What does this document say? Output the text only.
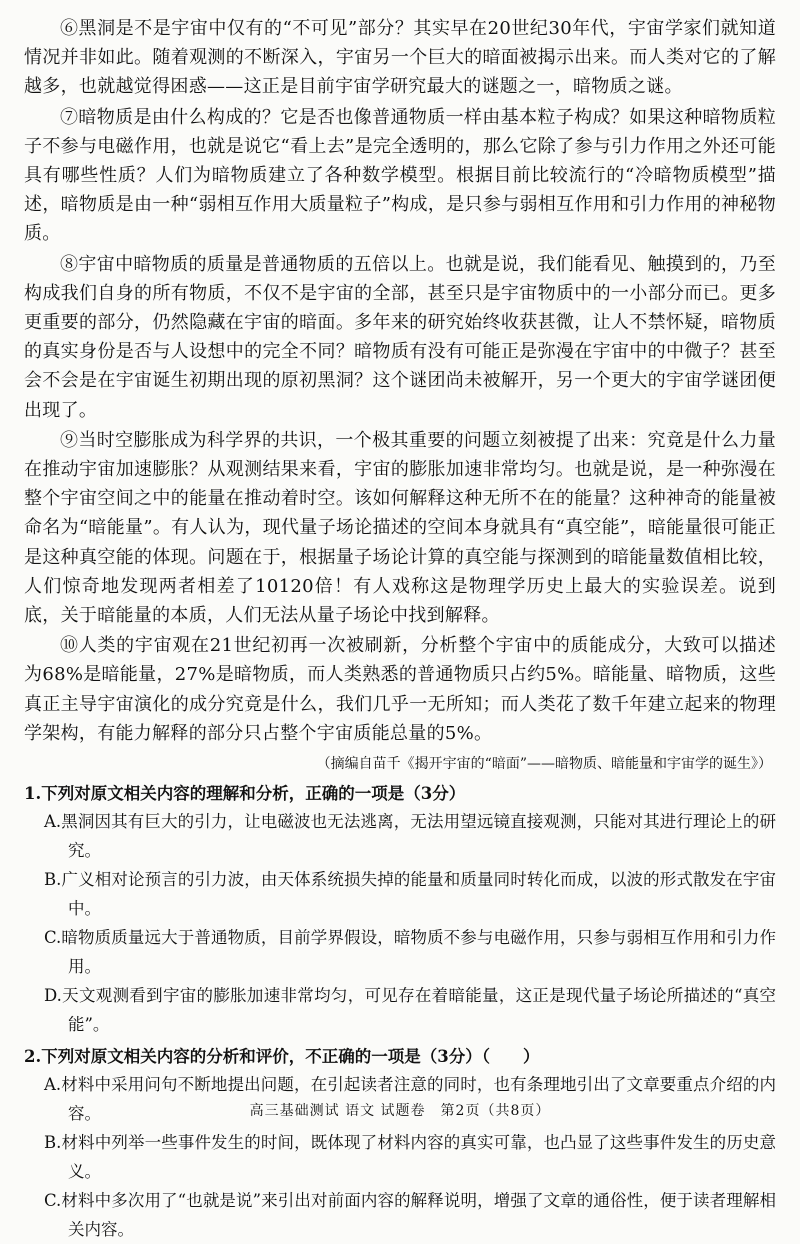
⑥黑洞是不是宇宙中仅有的“不可见”部分？其实早在20世纪30年代，宇宙学家们就知道情况并非如此。随着观测的不断深入，宇宙另一个巨大的暗面被揭示出来。而人类对它的了解越多，也就越觉得困惑——这正是目前宇宙学研究最大的谜题之一，暗物质之谜。

⑦暗物质是由什么构成的？它是否也像普通物质一样由基本粒子构成？如果这种暗物质粒子不参与电磁作用，也就是说它“看上去”是完全透明的，那么它除了参与引力作用之外还可能具有哪些性质？人们为暗物质建立了各种数学模型。根据目前比较流行的“冷暗物质模型”描述，暗物质是由一种“弱相互作用大质量粒子”构成，是只参与弱相互作用和引力作用的神秘物质。

⑧宇宙中暗物质的质量是普通物质的五倍以上。也就是说，我们能看见、触摸到的，乃至构成我们自身的所有物质，不仅不是宇宙的全部，甚至只是宇宙物质中的一小部分而已。更多更重要的部分，仍然隐藏在宇宙的暗面。多年来的研究始终收获甚微，让人不禁怀疑，暗物质的真实身份是否与人设想中的完全不同？暗物质有没有可能正是弥漫在宇宙中的中微子？甚至会不会是在宇宙诞生初期出现的原初黑洞？这个谜团尚未被解开，另一个更大的宇宙学谜团便出现了。

⑨当时空膨胀成为科学界的共识，一个极其重要的问题立刻被提了出来：究竟是什么力量在推动宇宙加速膨胀？从观测结果来看，宇宙的膨胀加速非常均匀。也就是说，是一种弥漫在整个宇宙空间之中的能量在推动着时空。该如何解释这种无所不在的能量？这种神奇的能量被命名为“暗能量”。有人认为，现代量子场论描述的空间本身就具有“真空能”，暗能量很可能正是这种真空能的体现。问题在于，根据量子场论计算的真空能与探测到的暗能量数值相比较，人们惊奇地发现两者相差了10120倍！有人戏称这是物理学历史上最大的实验误差。说到底，关于暗能量的本质，人们无法从量子场论中找到解释。

⑩人类的宇宙观在21世纪初再一次被刷新，分析整个宇宙中的质能成分，大致可以描述为68%是暗能量，27%是暗物质，而人类熟悉的普通物质只占约5%。暗能量、暗物质，这些真正主导宇宙演化的成分究竟是什么，我们几乎一无所知；而人类花了数千年建立起来的物理学架构，有能力解释的部分只占整个宇宙质能总量的5%。

（摘编自苗千《揭开宇宙的“暗面”——暗物质、暗能量和宇宙学的诞生》）

1.下列对原文相关内容的理解和分析，正确的一项是（3分）

A.黑洞因其有巨大的引力，让电磁波也无法逃离，无法用望远镜直接观测，只能对其进行理论上的研究。

B.广义相对论预言的引力波，由天体系统损失掉的能量和质量同时转化而成，以波的形式散发在宇宙中。

C.暗物质质量远大于普通物质，目前学界假设，暗物质不参与电磁作用，只参与弱相互作用和引力作用。

D.天文观测看到宇宙的膨胀加速非常均匀，可见存在着暗能量，这正是现代量子场论所描述的“真空能”。

2.下列对原文相关内容的分析和评价，不正确的一项是（3分）（　　）

A.材料中采用问句不断地提出问题，在引起读者注意的同时，也有条理地引出了文章要重点介绍的内容。

B.材料中列举一些事件发生的时间，既体现了材料内容的真实可靠，也凸显了这些事件发生的历史意义。

C.材料中多次用了“也就是说”来引出对前面内容的解释说明，增强了文章的通俗性，便于读者理解相关内容。

高三基础测试 语文 试题卷　第2页（共8页）
